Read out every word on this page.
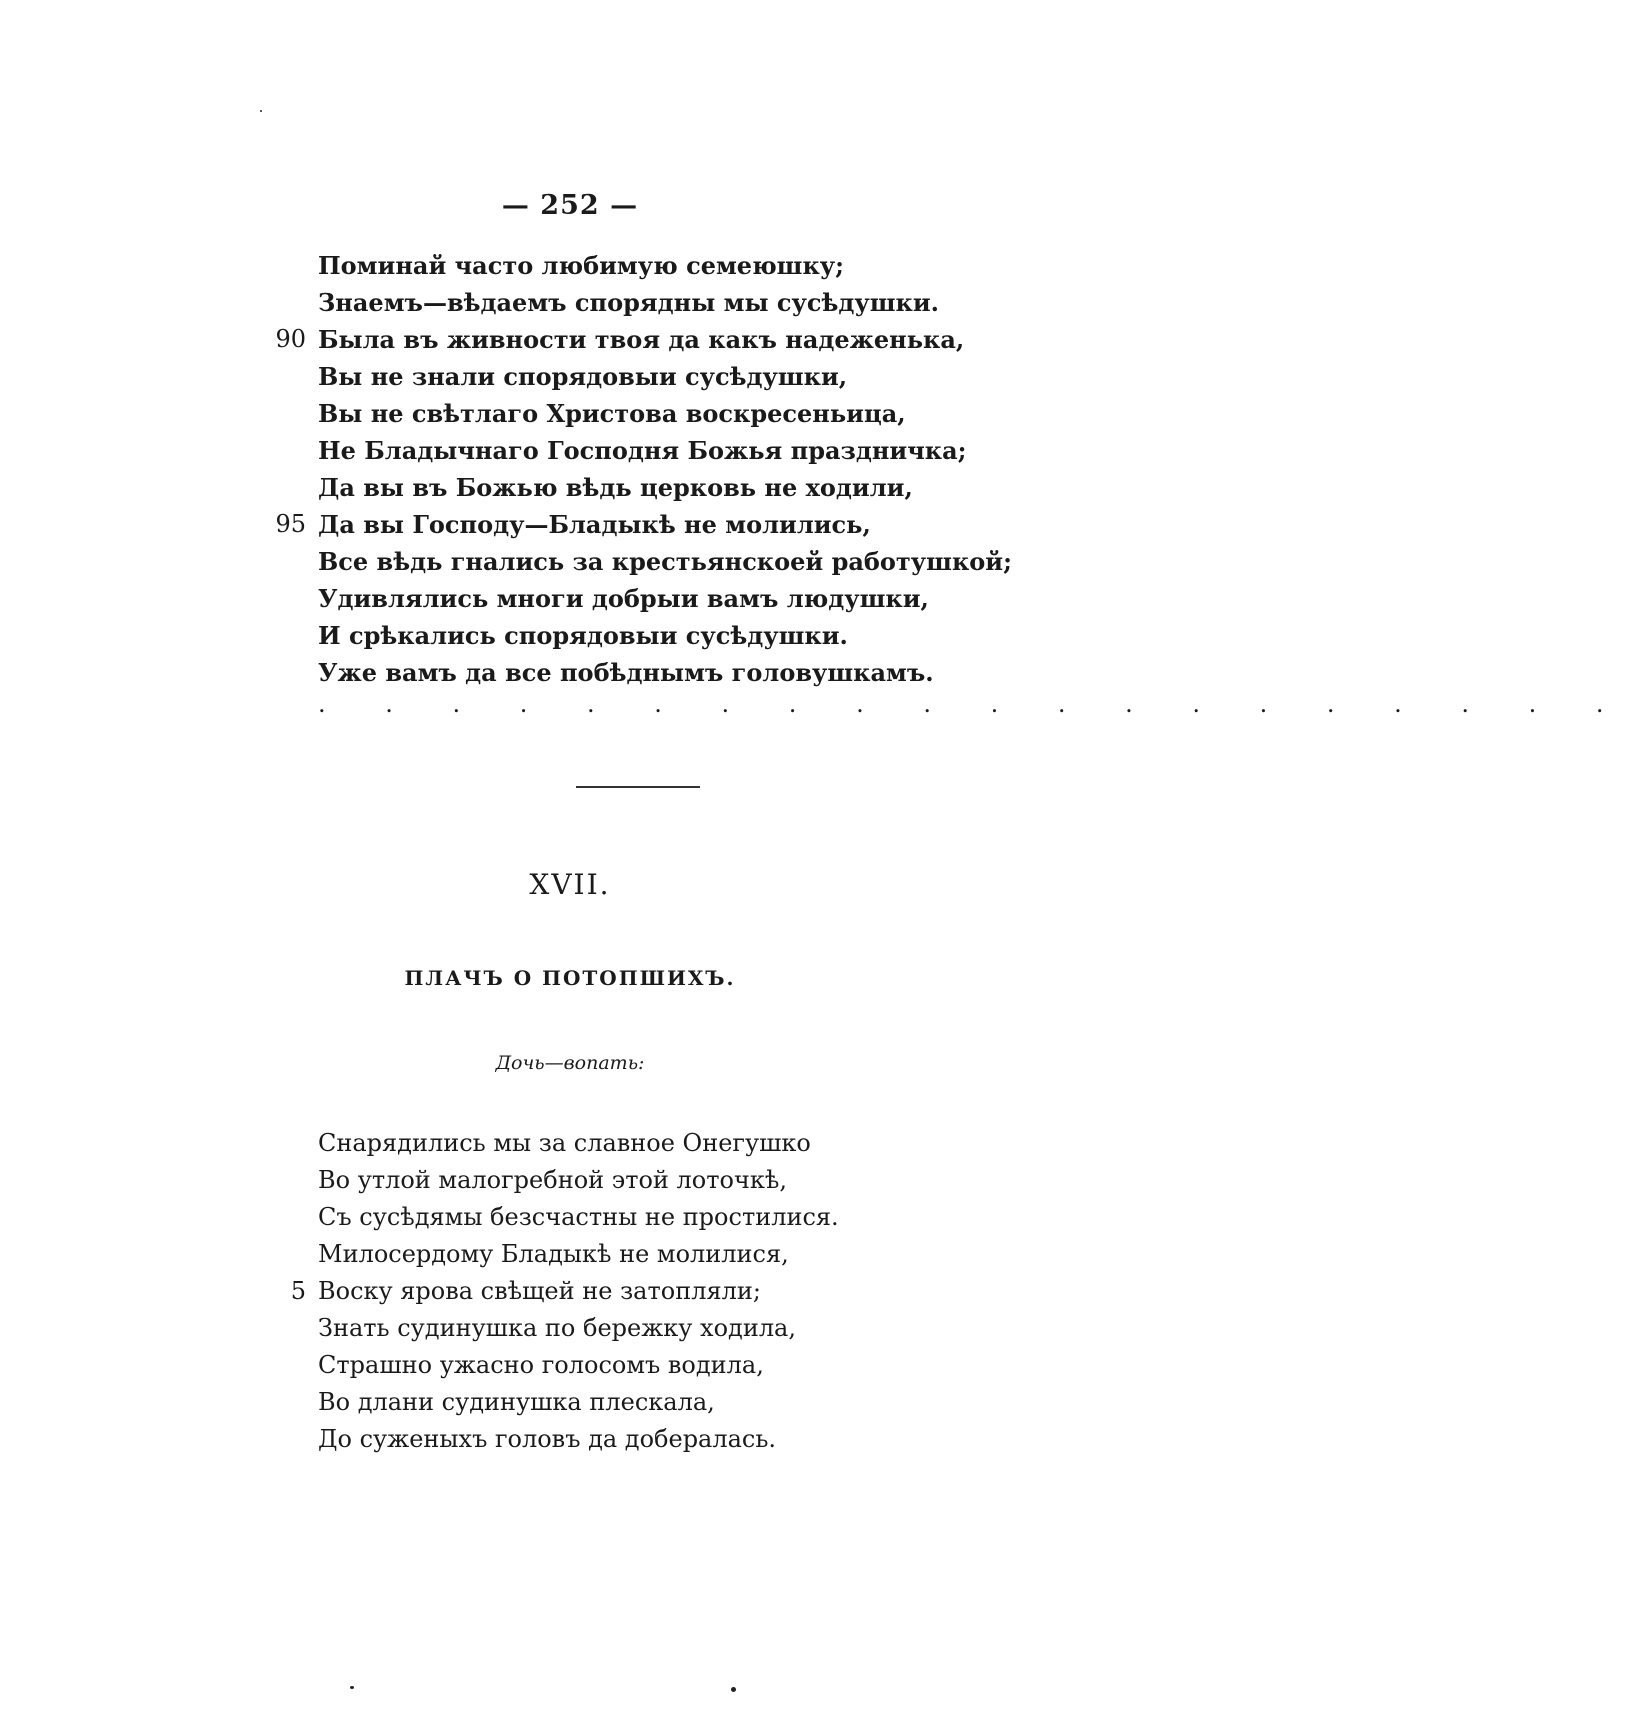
— 252 —
Поминай часто любимую семеюшку;
Знаемъ—вѣдаемъ спорядны мы сусѣдушки.
90 Была въ живности твоя да какъ надеженька,
Вы не знали спорядовыи сусѣдушки,
Вы не свѣтлаго Христова воскресеньица,
Не Бладычнаго Господня Божья праздничка;
Да вы въ Божью вѣдь церковь не ходили,
95 Да вы Господу—Бладыкѣ не молились,
Все вѣдь гнались за крестьянскоей работушкой;
Удивлялись многи добрыи вамъ людушки,
И срѣкались спорядовыи сусѣдушки.
Уже вамъ да все побѣднымъ головушкамъ.
. . . . . . . . . . . . . . . . . . . .
XVII.
ПЛАЧЪ О ПОТОПШИХЪ.
Дочь—вопать:
Снарядились мы за славное Онегушко
Во утлой малогребной этой лоточкѣ,
Съ сусѣдямы безсчастны не простилися.
Милосердому Бладыкѣ не молилися,
5 Воску ярова свѣщей не затопляли;
Знать судинушка по бережку ходила,
Страшно ужасно голосомъ водила,
Во длани судинушка плескала,
До суженыхъ головъ да добералась.
